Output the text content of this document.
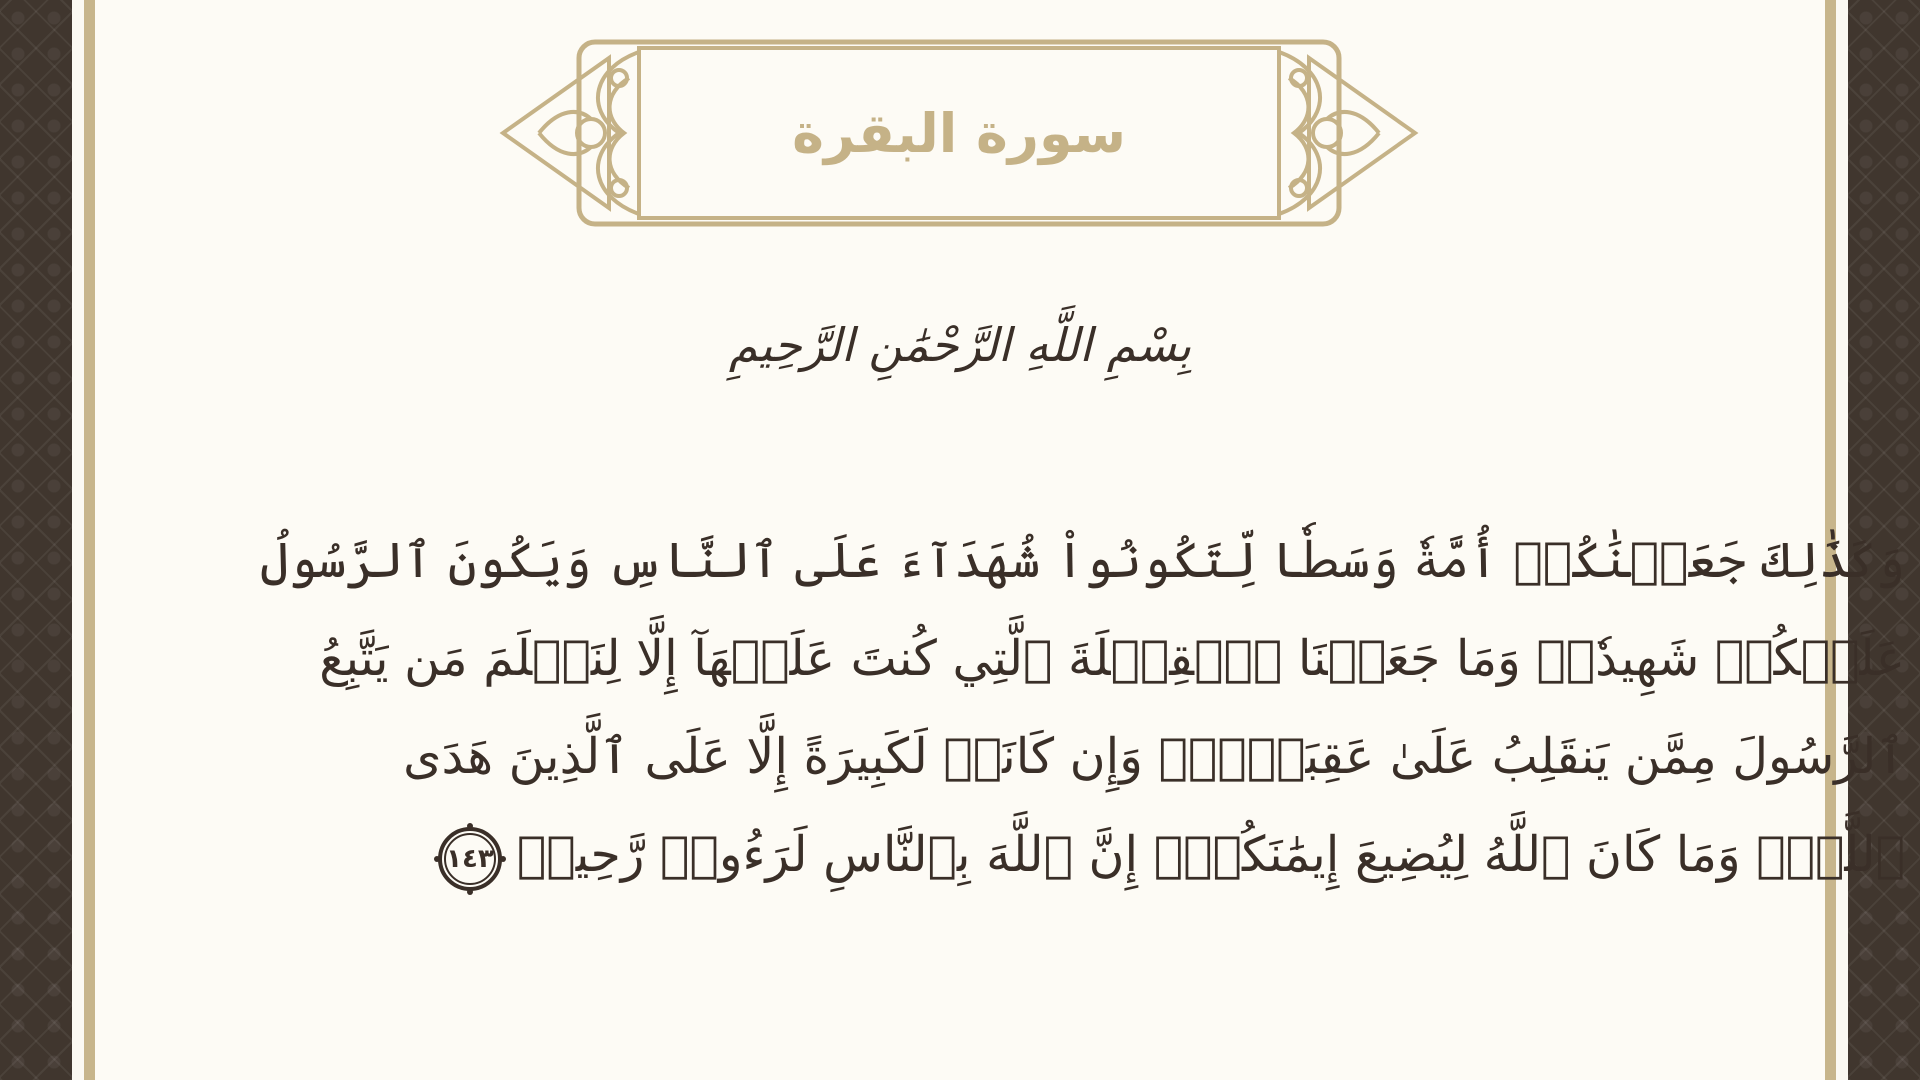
سورة البقرة
بِسْمِ اللَّهِ الرَّحْمَٰنِ الرَّحِيمِ
وَكَذَٰلِكَ جَعَلۡنَٰكُمۡ أُمَّةٗ وَسَطٗا لِّتَكُونُواْ شُهَدَآءَ عَلَى ٱلنَّاسِ وَيَكُونَ ٱلرَّسُولُ
عَلَيۡكُمۡ شَهِيدٗاۗ وَمَا جَعَلۡنَا ٱلۡقِبۡلَةَ ٱلَّتِي كُنتَ عَلَيۡهَآ إِلَّا لِنَعۡلَمَ مَن يَتَّبِعُ
ٱلرَّسُولَ مِمَّن يَنقَلِبُ عَلَىٰ عَقِبَيۡهِۚ وَإِن كَانَتۡ لَكَبِيرَةً إِلَّا عَلَى ٱلَّذِينَ هَدَى
ٱللَّهُۗ وَمَا كَانَ ٱللَّهُ لِيُضِيعَ إِيمَٰنَكُمۡۚ إِنَّ ٱللَّهَ بِٱلنَّاسِ لَرَءُوفٞ رَّحِيمٞ
١٤٣
